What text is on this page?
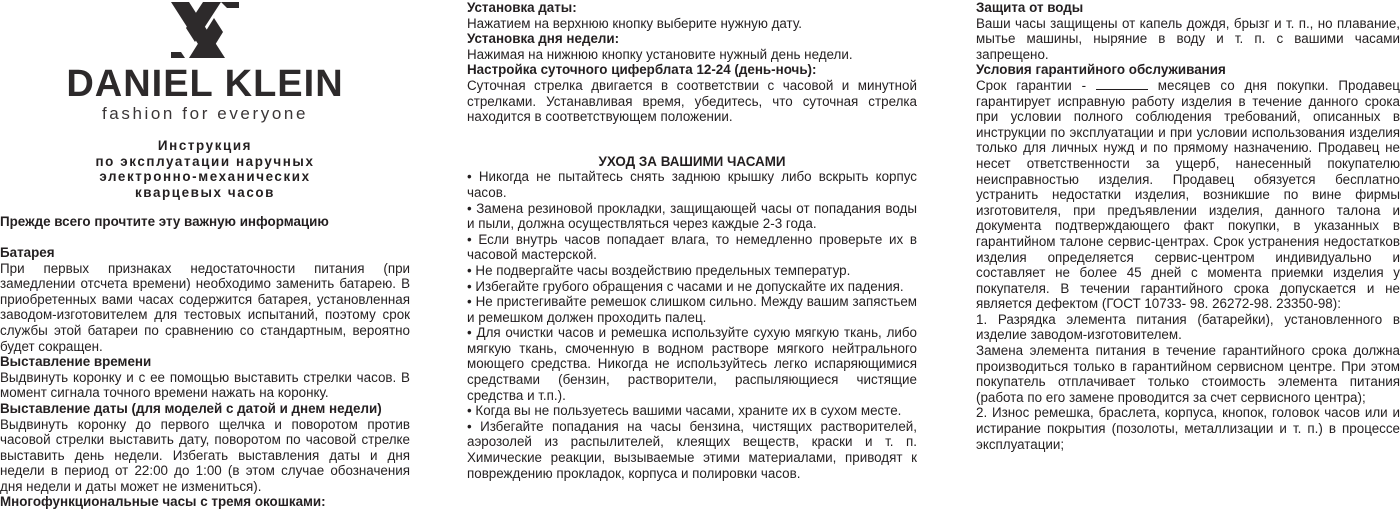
DANIEL KLEIN
fashion for everyone
Инструкция
по эксплуатации наручных
электронно-механических
кварцевых часов
Прежде всего прочтите эту важную информацию
Батарея

При первых признаках недостаточности питания (при замедлении отсчета времени) необходимо заменить батарею. В приобретенных вами часах содержится батарея, установленная заводом-изготовителем для тестовых испытаний, поэтому срок службы этой батареи по сравнению со стандартным, вероятно будет сокращен.

Выставление времени

Выдвинуть коронку и с ее помощью выставить стрелки часов. В момент сигнала точного времени нажать на коронку.

Выставление даты (для моделей с датой и днем недели)

Выдвинуть коронку до первого щелчка и поворотом против часовой стрелки выставить дату, поворотом по часовой стрелке выставить день недели. Избегать выставления даты и дня недели в период от 22:00 до 1:00 (в этом случае обозначения дня недели и даты может не измениться).

Многофункциональные часы с тремя окошками:
Установка даты:

Нажатием на верхнюю кнопку выберите нужную дату.

Установка дня недели:

Нажимая на нижнюю кнопку установите нужный день недели.

Настройка суточного циферблата 12-24 (день-ночь):

Суточная стрелка двигается в соответствии с часовой и минутной стрелками. Устанавливая время, убедитесь, что суточная стрелка находится в соответствующем положении.

УХОД ЗА ВАШИМИ ЧАСАМИ

• Никогда не пытайтесь снять заднюю крышку либо вскрыть корпус часов.

• Замена резиновой прокладки, защищающей часы от попадания воды и пыли, должна осуществляться через каждые 2-3 года.

• Если внутрь часов попадает влага, то немедленно проверьте их в часовой мастерской.

• Не подвергайте часы воздействию предельных температур.

• Избегайте грубого обращения с часами и не допускайте их падения.

• Не пристегивайте ремешок слишком сильно. Между вашим запястьем и ремешком должен проходить палец.

• Для очистки часов и ремешка используйте сухую мягкую ткань, либо мягкую ткань, смоченную в водном растворе мягкого нейтрального моющего средства. Никогда не используйтесь легко испаряющимися средствами (бензин, растворители, распыляющиеся чистящие средства и т.п.).

• Когда вы не пользуетесь вашими часами, храните их в сухом месте.

• Избегайте попадания на часы бензина, чистящих растворителей, аэрозолей из распылителей, клеящих веществ, краски и т. п. Химические реакции, вызываемые этими материалами, приводят к повреждению прокладок, корпуса и полировки часов.

Защита от воды

Ваши часы защищены от капель дождя, брызг и т. п., но плавание, мытье машины, ныряние в воду и т. п. с вашими часами запрещено.

Условия гарантийного обслуживания

Срок гарантии -	месяцев со дня покупки. Продавец гарантирует исправную работу изделия в течение данного срока при условии полного соблюдения требований, описанных в инструкции по эксплуатации и при условии использования изделия только для личных нужд и по прямому назначению. Продавец не несет ответственности за ущерб, нанесенный покупателю неисправностью изделия. Продавец обязуется бесплатно устранить недостатки изделия, возникшие по вине фирмы изготовителя, при предъявлении изделия, данного талона и документа подтверждающего факт покупки, в указанных в гарантийном талоне сервис-центрах. Срок устранения недостатков изделия определяется сервис-центром индивидуально и составляет не более 45 дней с момента приемки изделия у покупателя. В течении гарантийного срока допускается и не является дефектом (ГОСТ 10733- 98. 26272-98. 23350-98):

1. Разрядка элемента питания (батарейки), установленного в изделие заводом-изготовителем.

Замена элемента питания в течение гарантийного срока должна производиться только в гарантийном сервисном центре. При этом покупатель отплачивает только стоимость элемента питания (работа по его замене проводится за счет сервисного центра);

2. Износ ремешка, браслета, корпуса, кнопок, головок часов или и истирание покрытия (позолоты, металлизации и т. п.) в процессе эксплуатации;
